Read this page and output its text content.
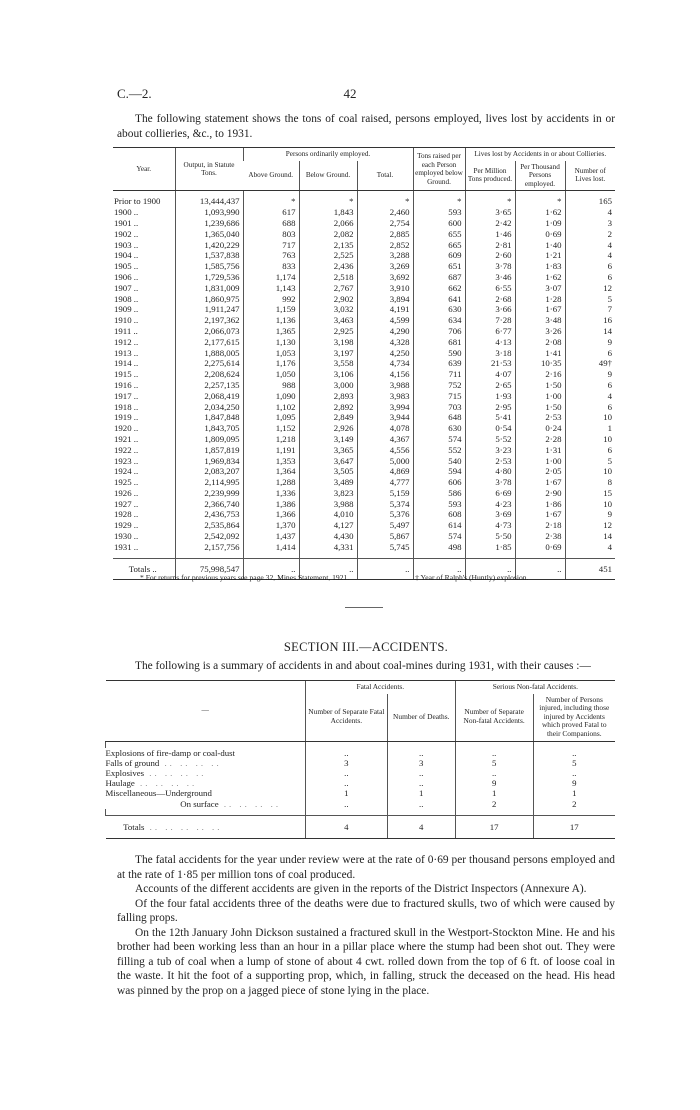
C.—2.	42

The following statement shows the tons of coal raised, persons employed, lives lost by accidents in or about collieries, &c., to 1931.

Year.	Output, in Statute Tons.	Persons ordinarily employed.			Tons raised per each Person employed below Ground.	Lives lost by Accidents in or about Collieries.		
		Above Ground.	Below Ground.	Total.		Per Million Tons produced.	Per Thousand Persons employed.	Number of Lives lost.

Prior to 1900	13,444,437	*	*	*	*	*	*	165
1900 ..	1,093,990	617	1,843	2,460	593	3·65	1·62	4
1901 ..	1,239,686	688	2,066	2,754	600	2·42	1·09	3
1902 ..	1,365,040	803	2,082	2,885	655	1·46	0·69	2
1903 ..	1,420,229	717	2,135	2,852	665	2·81	1·40	4
1904 ..	1,537,838	763	2,525	3,288	609	2·60	1·21	4
1905 ..	1,585,756	833	2,436	3,269	651	3·78	1·83	6
1906 ..	1,729,536	1,174	2,518	3,692	687	3·46	1·62	6
1907 ..	1,831,009	1,143	2,767	3,910	662	6·55	3·07	12
1908 ..	1,860,975	992	2,902	3,894	641	2·68	1·28	5
1909 ..	1,911,247	1,159	3,032	4,191	630	3·66	1·67	7
1910 ..	2,197,362	1,136	3,463	4,599	634	7·28	3·48	16
1911 ..	2,066,073	1,365	2,925	4,290	706	6·77	3·26	14
1912 ..	2,177,615	1,130	3,198	4,328	681	4·13	2·08	9
1913 ..	1,888,005	1,053	3,197	4,250	590	3·18	1·41	6
1914 ..	2,275,614	1,176	3,558	4,734	639	21·53	10·35	49†
1915 ..	2,208,624	1,050	3,106	4,156	711	4·07	2·16	9
1916 ..	2,257,135	988	3,000	3,988	752	2·65	1·50	6
1917 ..	2,068,419	1,090	2,893	3,983	715	1·93	1·00	4
1918 ..	2,034,250	1,102	2,892	3,994	703	2·95	1·50	6
1919 ..	1,847,848	1,095	2,849	3,944	648	5·41	2·53	10
1920 ..	1,843,705	1,152	2,926	4,078	630	0·54	0·24	1
1921 ..	1,809,095	1,218	3,149	4,367	574	5·52	2·28	10
1922 ..	1,857,819	1,191	3,365	4,556	552	3·23	1·31	6
1923 ..	1,969,834	1,353	3,647	5,000	540	2·53	1·00	5
1924 ..	2,083,207	1,364	3,505	4,869	594	4·80	2·05	10
1925 ..	2,114,995	1,288	3,489	4,777	606	3·78	1·67	8
1926 ..	2,239,999	1,336	3,823	5,159	586	6·69	2·90	15
1927 ..	2,366,740	1,386	3,988	5,374	593	4·23	1·86	10
1928 ..	2,436,753	1,366	4,010	5,376	608	3·69	1·67	9
1929 ..	2,535,864	1,370	4,127	5,497	614	4·73	2·18	12
1930 ..	2,542,092	1,437	4,430	5,867	574	5·50	2·38	14
1931 ..	2,157,756	1,414	4,331	5,745	498	1·85	0·69	4

Totals ..	75,998,547	..	..	..	..	..	..	451
* For returns for previous years see page 32, Mines Statement, 1921.	† Year of Ralph's (Huntly) explosion.
SECTION III.—ACCIDENTS.

The following is a summary of accidents in and about coal-mines during 1931, with their causes :—

—	Fatal Accidents.		Serious Non-fatal Accidents.	
	Number of Separate Fatal Accidents.	Number of Deaths.	Number of Separate Non-fatal Accidents.	Number of Persons injured, including those injured by Accidents which proved Fatal to their Companions.

Explosions of fire-damp or coal-dust	..	..	..	..
Falls of ground .. .. .. ..	3	3	5	5
Explosives .. .. .. ..	..	..	..	..
Haulage .. .. .. ..	..	..	9	9
Miscellaneous—Underground	1	1	1	1
On surface .. .. .. ..	..	..	2	2

Totals .. .. .. .. ..	4	4	17	17

The fatal accidents for the year under review were at the rate of 0·69 per thousand persons employed and at the rate of 1·85 per million tons of coal produced.

Accounts of the different accidents are given in the reports of the District Inspectors (Annexure A).

Of the four fatal accidents three of the deaths were due to fractured skulls, two of which were caused by falling props.

On the 12th January John Dickson sustained a fractured skull in the Westport-Stockton Mine. He and his brother had been working less than an hour in a pillar place where the stump had been shot out. They were filling a tub of coal when a lump of stone of about 4 cwt. rolled down from the top of 6 ft. of loose coal in the waste. It hit the foot of a supporting prop, which, in falling, struck the deceased on the head. His head was pinned by the prop on a jagged piece of stone lying in the place.
